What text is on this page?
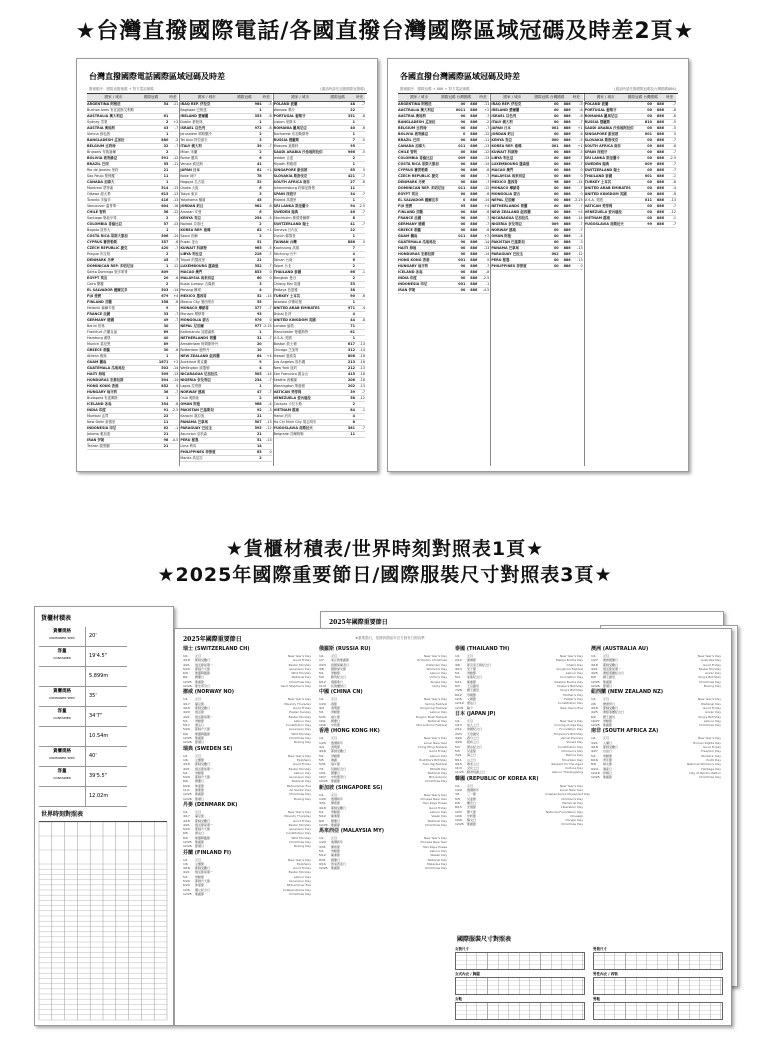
★台灣直撥國際電話/各國直撥台灣國際區域冠碼及時差2頁★
台灣直撥國際電話國際區域冠碼及時差
撥號順序：國際直撥號碼 + 對方電話號碼	(通話時請先加撥國際直撥碼)
國家 / 城市	國際冠碼	時差
ARGENTINA 阿根廷	54	-11
Buenos Aires 布宜諾斯艾利斯
AUSTRALIA 澳大利亞	61
Sydney 雪梨	2	+2
AUSTRIA 奧地利	43	-7
Vienna 維也納	1
BANGLADESH 孟加拉	880	-2
BELGIUM 比利時	32	-7
Brussels 布魯塞爾	2
BOLIVIA 玻利維亞	591	-12
BRAZIL 巴西	55	-11
Rio de Janeiro 里約	21
Sao Paulo 聖保羅	11
CANADA 加拿大	1
Montreal 蒙特婁	514	-13
Ottawa 渥太華	613	-13
Toronto 多倫多	416	-13
Vancouver 溫哥華	604	-16
CHILE 智利	56	-12
Santiago 聖地牙哥	2
COLOMBIA 哥倫比亞	57	-13
Bogota 波哥大	1
COSTA RICA 哥斯大黎加	506	-14
CYPRUS 賽普勒斯	357	-6
CZECH REPUBLIC 捷克	420	-7
Prague 布拉格	2
DENMARK 丹麥	45	-7
DOMINICAN REP. 多明尼加	1	-12
Santo Domingo 聖多明哥	809
EGYPT 埃及	20	-6
Cairo 開羅	2
EL SALVADOR 薩爾瓦多	503	-14
FIJI 斐濟	679	+4
FINLAND 芬蘭	358	-6
Helsinki 赫爾辛基	9
FRANCE 法國	33	-7
GERMANY 德國	49	-7
Berlin 柏林	30
Frankfurt 法蘭克福	69
Hamburg 漢堡	40
Munich 慕尼黑	89
GREECE 希臘	30	-6
Athens 雅典	1
GUAM 關島	1671	+2
GUATEMALA 瓜地馬拉	502	-14
HAITI 海地	509	-13
HONDURAS 宏都拉斯	504	-14
HONG KONG 香港	852	0
HUNGARY 匈牙利	36	-7
Budapest 布達佩斯	1
ICELAND 冰島	354	-8
INDIA 印度	91 -2.5
Mumbai 孟買	22
New Delhi 新德里	11
INDONESIA 印尼	62	-1
Jakarta 雅加達	21
IRAN 伊朗	98 -4.5
Tehran 德黑蘭	21
國家 / 城市	國際冠碼	時差
IRAQ REP. 伊拉克	964	-5
Baghdad 巴格達	1
IRELAND 愛爾蘭	353	-8
Dublin 都柏林	1
ISRAEL 以色列	972	-6
Jerusalem 耶路撒冷	2
Tel Aviv 特拉維夫	3
ITALY 義大利	39	-7
Milan 米蘭	2
Rome 羅馬	6
Venice 威尼斯	41
JAPAN 日本	81	+1
Kobe 神戶	78
Nagoya 名古屋	52
Osaka 大阪	6
Tokyo 東京	3
Yokohama 橫濱	45
JORDAN 約旦	962	-6
Amman 安曼	6
KENYA 肯亞	254	-5
Nairobi 奈洛比	2
KOREA REP. 南韓	82	+1
Seoul 首爾	2
Pusan 釜山	51
KUWAIT 科威特	965	-5
LIBYA 利比亞	218	-7
Tripoli 的黎波里	21
LUXEMBOURG 盧森堡	352	-7
MACAO 澳門	853	0
MALAYSIA 馬來西亞	60	0
Kuala Lumpur 吉隆坡	3
Penang 檳城	4
MEXICO 墨西哥	52	-14
Mexico City 墨西哥市	55
MONACO 摩納哥	377	-7
Monaco 摩納哥	93
MONGOLIA 蒙古	976	0
NEPAL 尼泊爾	977 -2.25
Kathmandu 加德滿都	1
NETHERLANDS 荷蘭	31	-7
Amsterdam 阿姆斯特丹	20
Rotterdam 鹿特丹	10
NEW ZEALAND 紐西蘭	64	+4
Auckland 奧克蘭	9
Wellington 威靈頓	4
NICARAGUA 尼加拉瓜	505	-14
NIGERIA 奈及利亞	234	-7
Lagos 拉哥斯	1
NORWAY 挪威	47	-7
Oslo 奧斯陸	2
OMAN 阿曼	968	-4
PAKISTAN 巴基斯坦	92	-3
Karachi 喀拉蚩	21
PANAMA 巴拿馬	507	-13
PARAGUAY 巴拉圭	595	-12
Asuncion 亞松森	21
PERU 秘魯	51	-13
Lima 利馬	14
PHILIPPINES 菲律賓	63	0
Manila 馬尼拉	2
國家 / 城市	國際冠碼	時差
POLAND 波蘭	48	-7
Warsaw 華沙	22
PORTUGAL 葡萄牙	351	-8
Lisbon 里斯本	1
ROMANIA 羅馬尼亞	40	-6
Bucharest 布加勒斯特	1
RUSSIA 俄羅斯	7	-5
Moscow 莫斯科	95
SAUDI ARABIA 沙烏地阿拉伯	966	-5
Jeddah 吉達	2
Riyadh 利雅德	1
SINGAPORE 新加坡	65	0
SLOVAKIA 斯洛伐克	421	-7
SOUTH AFRICA 南非	27	-6
Johannesburg 約翰尼斯堡	11
SPAIN 西班牙	34	-7
Madrid 馬德里	1
SRI LANKA 斯里蘭卡	94 -2.5
SWEDEN 瑞典	46	-7
Stockholm 斯德哥爾摩	8
SWITZERLAND 瑞士	41	-7
Geneva 日內瓦	22
Zurich 蘇黎世	1
TAIWAN 台灣	886	0
Kaohsiung 高雄	7
Taichung 台中	4
Tainan 台南	6
Taipei 台北	2
THAILAND 泰國	66	-1
Bangkok 曼谷	2
Chiang Mai 清邁	53
Pattaya 芭達雅	38
TURKEY 土耳其	90	-6
Istanbul 伊斯坦堡	1
UNITED ARAB EMIRATES	971	-4
Dubai 杜拜	4
UNITED KINGDOM 英國	44	-8
London 倫敦	71
Manchester 曼徹斯特	61
U.S.A. 美國	1
Boston 波士頓	617	-13
Chicago 芝加哥	312	-14
Hawaii 夏威夷	808	-18
Los Angeles 洛杉磯	213	-16
New York 紐約	212	-13
San Francisco 舊金山	415	-16
Seattle 西雅圖	206	-16
Washington 華盛頓	202	-13
VATICAN 梵蒂岡	39	-7
VENEZUELA 委內瑞拉	58	-12
Caracas 卡拉卡斯	2
VIETNAM 越南	84	-1
Hanoi 河內	4
Ho Chi Minh City 胡志明市	8
YUGOSLAVIA 南斯拉夫	381	-7
Belgrade 貝爾格勒	11
各國直撥台灣國際區域冠碼及時差
撥號順序：國際冠碼 + 886 + 對方電話號碼	(通話時請先撥國際冠碼及台灣國碼886)
國家 / 城市	國際冠碼台灣國碼 時差
ARGENTINA 阿根廷	00	886	-11
AUSTRALIA 澳大利亞	0011	886	+2
AUSTRIA 奧地利	00	886	-7
BANGLADESH 孟加拉	00	886	-2
BELGIUM 比利時	00	886	-7
BOLIVIA 玻利維亞	0	886	-12
BRAZIL 巴西	00	886	-11
CANADA 加拿大	011	886	-13
CHILE 智利	00	886	-12
COLOMBIA 哥倫比亞	009	886	-13
COSTA RICA 哥斯大黎加	00	886	-14
CYPRUS 賽普勒斯	00	886	-6
CZECH REPUBLIC 捷克	00	886	-7
DENMARK 丹麥	00	886	-7
DOMINICAN REP. 多明尼加	011	886	-12
EGYPT 埃及	00	886	-6
EL SALVADOR 薩爾瓦多	0	886	-14
FIJI 斐濟	05	886	+4
FINLAND 芬蘭	00	886	-6
FRANCE 法國	00	886	-7
GERMANY 德國	00	886	-7
GREECE 希臘	00	886	-6
GUAM 關島	011	886	+2
GUATEMALA 瓜地馬拉	00	886	-14
HAITI 海地	00	886	-13
HONDURAS 宏都拉斯	00	886	-14
HONG KONG 香港	001	886	0
HUNGARY 匈牙利	00	886	-7
ICELAND 冰島	00	886	-8
INDIA 印度	00	886	-2.5
INDONESIA 印尼	001	886	-1
IRAN 伊朗	00	886	-4.5
國家 / 城市	國際冠碼台灣國碼 時差
IRAQ REP. 伊拉克	00	886	-5
IRELAND 愛爾蘭	00	886	-8
ISRAEL 以色列	00	886	-6
ITALY 義大利	00	886	-7
JAPAN 日本	001	886	+1
JORDAN 約旦	00	886	-6
KENYA 肯亞	000	886	-5
KOREA REP. 南韓	001	886	+1
KUWAIT 科威特	00	886	-5
LIBYA 利比亞	00	886	-7
LUXEMBOURG 盧森堡	00	886	-7
MACAO 澳門	00	886	0
MALAYSIA 馬來西亞	00	886	0
MEXICO 墨西哥	98	886	-14
MONACO 摩納哥	00	886	-7
MONGOLIA 蒙古	00	886	0
NEPAL 尼泊爾	00	886 -2.25
NETHERLANDS 荷蘭	00	886	-7
NEW ZEALAND 紐西蘭	00	886	+4
NICARAGUA 尼加拉瓜	00	886	-14
NIGERIA 奈及利亞	009	886	-7
NORWAY 挪威	00	886	-7
OMAN 阿曼	00	886	-4
PAKISTAN 巴基斯坦	00	886	-3
PANAMA 巴拿馬	00	886	-13
PARAGUAY 巴拉圭	002	886	-12
PERU 秘魯	00	886	-13
PHILIPPINES 菲律賓	00	886	0
國家 / 城市	國際冠碼台灣國碼 時差
POLAND 波蘭	00	886	-7
PORTUGAL 葡萄牙	00	886	-8
ROMANIA 羅馬尼亞	00	886	-6
RUSSIA 俄羅斯	810	886	-5
SAUDI ARABIA 沙烏地阿拉伯	00	886	-5
SINGAPORE 新加坡	001	886	0
SLOVAKIA 斯洛伐克	00	886	-7
SOUTH AFRICA 南非	09	886	-6
SPAIN 西班牙	00	886	-7
SRI LANKA 斯里蘭卡	00	886	-2.5
SWEDEN 瑞典	009	886	-7
SWITZERLAND 瑞士	00	886	-7
THAILAND 泰國	001	886	-1
TURKEY 土耳其	00	886	-6
UNITED ARAB EMIRATES	00	886	-4
UNITED KINGDOM 英國	00	886	-8
U.S.A. 美國	011	886	-13
VATICAN 梵蒂岡	00	886	-7
VENEZUELA 委內瑞拉	00	886	-12
VIETNAM 越南	00	886	-1
YUGOSLAVIA 南斯拉夫	99	886	-7
★貨櫃材積表/世界時刻對照表1頁★
★2025年國際重要節日/國際服裝尺寸對照表3頁★
2025年國際重要節日
貨櫃材積表
貨櫃規格
CONTAINER SPEC	20'
容量
CONTAINER	19'4.5"
5.899m
貨櫃規格
CONTAINER SPEC	35'
容量
CONTAINER	34'7"
10.54m
貨櫃規格
CONTAINER SPEC	40'
容量
CONTAINER	39'5.5"
12.02m
世界時刻對照表
2025年國際重要節日	★重要節日，依據該國當年官方發布日期為準
瑞士 (SWITZERLAND CH)
1/1	元旦	New Year's Day
4/18	耶穌受難日	Good Friday
4/21	復活節星期一	Easter Monday
5/29	耶穌升天節	Ascension Day
6/9	聖靈降臨節	Whit Monday
8/1	國慶日	National Day
12/25	聖誕節	Christmas Day
12/26	聖史蒂芬日	Saint Stephen's Day
挪威 (NORWAY NO)
1/1	元旦	New Year's Day
4/17	濯足節	Maundy Thursday
4/18	耶穌受難日	Good Friday
4/20	復活節	Easter Sunday
4/21	復活節星期一	Easter Monday
5/1	勞動節	Labour Day
5/17	憲法日	Constitution Day
5/29	耶穌升天節	Ascension Day
6/9	聖靈降臨節	Whit Monday
12/25	聖誕節	Christmas Day
12/26	節禮日	Boxing Day
瑞典 (SWEDEN SE)
1/1	元旦	New Year's Day
1/6	主顯節	Epiphany
4/18	耶穌受難日	Good Friday
4/21	復活節星期一	Easter Monday
5/1	勞動節	Labour Day
5/29	耶穌升天節	Ascension Day
6/6	國慶日	National Day
6/20	仲夏節	Midsummer Eve
11/1	萬聖節	All Saints' Day
12/25	聖誕節	Christmas Day
12/26	節禮日	Boxing Day
丹麥 (DENMARK DK)
1/1	元旦	New Year's Day
4/17	濯足節	Maundy Thursday
4/18	耶穌受難日	Good Friday
4/21	復活節星期一	Easter Monday
5/29	耶穌升天節	Ascension Day
6/5	憲法日	Constitution Day
6/9	聖靈降臨節	Whit Monday
12/25	聖誕節	Christmas Day
12/26	節禮日	Boxing Day
芬蘭 (FINLAND FI)
1/1	元旦	New Year's Day
1/6	主顯節	Epiphany
4/18	耶穌受難日	Good Friday
4/21	復活節星期一	Easter Monday
5/1	勞動節	Labour Day
5/29	耶穌升天節	Ascension Day
6/20	仲夏節	Midsummer Eve
12/6	獨立紀念日	Independence Day
12/25	聖誕節	Christmas Day
俄羅斯 (RUSSIA RU)
1/1	元旦	New Year's Day
1/7	東正教聖誕節	Orthodox Christmas
2/23	祖國保衛者日	Defender Day
3/8	國際婦女節	Women's Day
5/1	勞動節	Labour Day
5/9	勝利紀念日	Victory Day
6/12	俄羅斯日	Russia Day
11/4	民族團結日	Unity Day
中國 (CHINA CN)
1/1	元旦	New Year's Day
1/29	春節	Spring Festival
4/4	清明節	Qingming Festival
5/1	勞動節	Labour Day
5/31	端午節	Dragon Boat Festival
10/1	國慶日	National Day
10/6	中秋節	Mid-Autumn Festival
香港 (HONG KONG HK)
1/1	元旦	New Year's Day
1/29	農曆新年	Lunar New Year
4/4	清明節	Ching Ming Festival
4/18	耶穌受難日	Good Friday
5/1	勞動節	Labour Day
5/5	佛誕	Buddha's Birthday
5/31	端午節	Tuen Ng Festival
7/1	回歸紀念日	HKSAR Day
10/1	國慶日	National Day
10/7	中秋節翌日	Mid-Autumn
12/25	聖誕節	Christmas Day
新加坡 (SINGAPORE SG)
1/1	元旦	New Year's Day
1/29	農曆新年	Chinese New Year
3/31	開齋節	Hari Raya Puasa
4/18	耶穌受難日	Good Friday
5/1	勞動節	Labour Day
5/12	衛塞節	Vesak Day
8/9	國慶日	National Day
12/25	聖誕節	Christmas Day
馬來西亞 (MALAYSIA MY)
1/1	元旦	New Year's Day
1/29	農曆新年	Chinese New Year
3/31	開齋節	Hari Raya Puasa
5/1	勞動節	Labour Day
5/12	衛塞節	Wesak Day
8/31	國慶日	National Day
9/16	馬來西亞日	Malaysia Day
12/25	聖誕節	Christmas Day
泰國 (THAILAND TH)
1/1	元旦	New Year's Day
2/12	萬佛節	Makha Bucha Day
4/6	卻克里王朝紀念日	Chakri Day
4/13	宋干節	Songkran Festival
5/1	勞動節	Labour Day
5/4	加冕紀念日	Coronation Day
5/11	衛塞節	Visakha Bucha Day
6/3	王后誕辰	Queen's Birthday
7/28	國王誕辰	King's Birthday
8/12	母親節	Mother's Day
12/5	父親節	Father's Day
12/10	憲法日	Constitution Day
12/31	除夕	New Year's Eve
日本 (JAPAN JP)
1/1	元旦	New Year's Day
1/13	成人之日	Coming of Age Day
2/11	建國紀念日	Foundation Day
2/23	天皇誕辰	Emperor's Birthday
3/20	春分之日	Vernal Equinox
4/29	昭和之日	Showa Day
5/3	憲法紀念日	Constitution Day
5/5	兒童節	Children's Day
7/21	海之日	Marine Day
8/11	山之日	Mountain Day
9/15	敬老之日	Respect for the Aged
11/3	文化之日	Culture Day
11/23	勤勞感謝之日	Labour Thanksgiving
韓國 (REPUBLIC OF KOREA KR)
1/1	元旦	New Year's Day
1/29	農曆新年	Lunar New Year
3/1	三一節	Independence Movement Day
5/5	兒童節	Children's Day
6/6	顯忠日	Memorial Day
8/15	光復節	Liberation Day
10/3	開天節	National Foundation Day
10/6	中秋節	Chuseok
10/9	韓文日	Hangul Day
12/25	聖誕節	Christmas Day
澳洲 (AUSTRALIA AU)
1/1	元旦	New Year's Day
1/27	澳洲國慶日	Australia Day
4/18	耶穌受難日	Good Friday
4/21	復活節星期一	Easter Monday
4/25	澳紐軍團紀念日	Anzac Day
6/9	國王誕辰	King's Birthday
12/25	聖誕節	Christmas Day
12/26	節禮日	Boxing Day
紐西蘭 (NEW ZEALAND NZ)
1/1	元旦	New Year's Day
2/6	懷唐伊日	Waitangi Day
4/18	耶穌受難日	Good Friday
4/25	澳紐軍團紀念日	Anzac Day
6/2	國王誕辰	King's Birthday
10/27	勞動節	Labour Day
12/25	聖誕節	Christmas Day
南非 (SOUTH AFRICA ZA)
1/1	元旦	New Year's Day
3/21	人權日	Human Rights Day
4/18	耶穌受難日	Good Friday
4/27	自由日	Freedom Day
5/1	勞動節	Workers' Day
6/16	青年節	Youth Day
8/9	婦女節	National Women's Day
9/24	遺產日	Heritage Day
12/16	和解日	Day of Reconciliation
12/25	聖誕節	Christmas Day
國際服裝尺寸對照表
女裝尺寸	男裝尺寸
女式內衣 / 胸圍	男性內衣 / 西裝
女鞋	男鞋
